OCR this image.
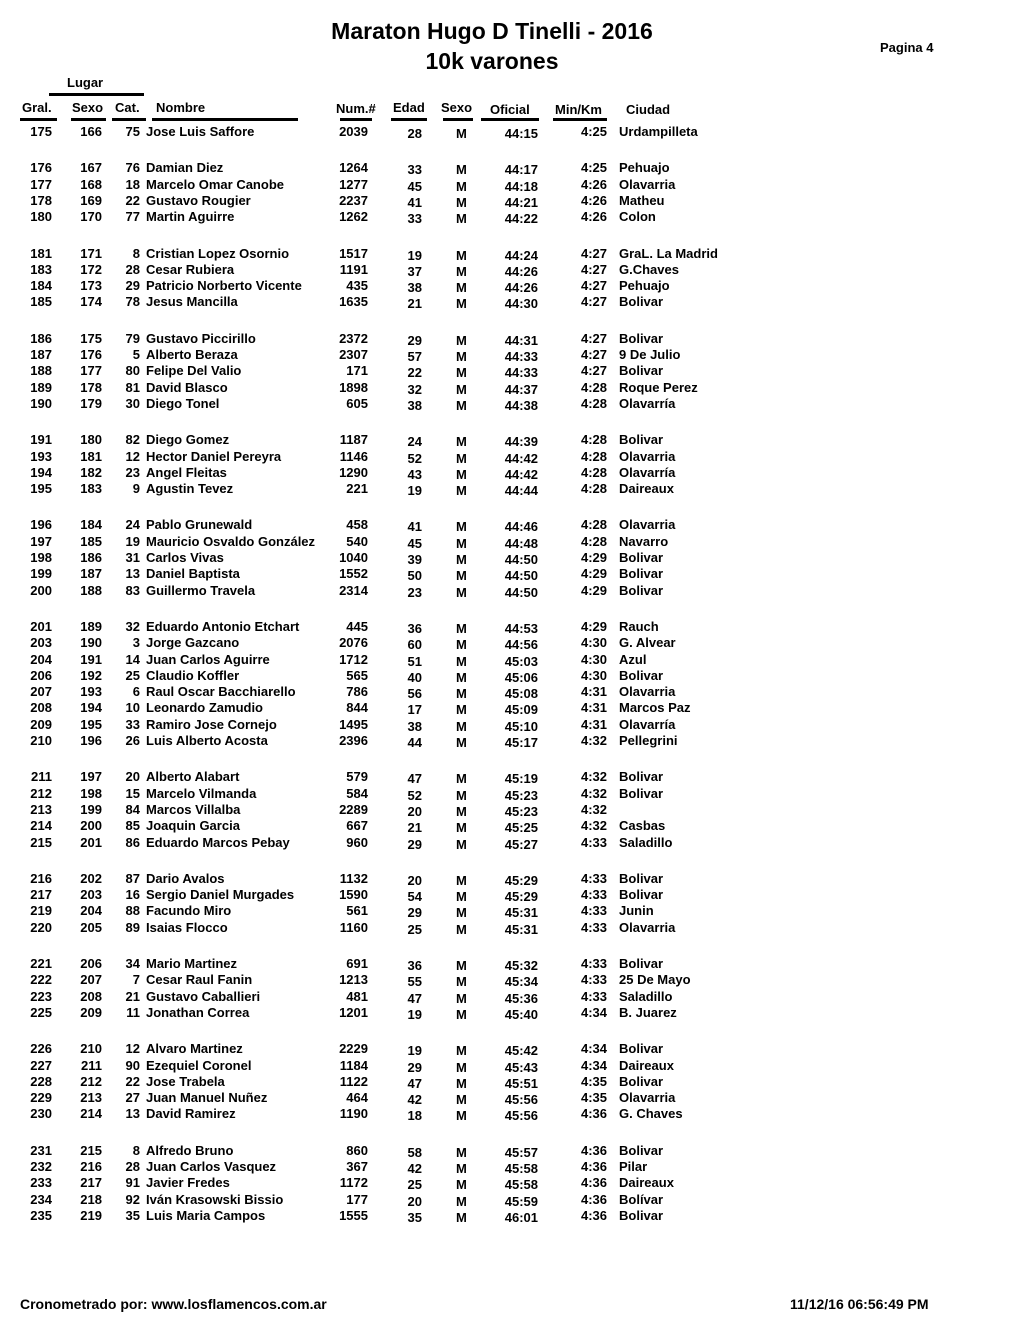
Maraton Hugo D Tinelli - 2016
10k varones
Pagina 4
Lugar
Gral. Sexo Cat. Nombre	Num.# Edad Sexo Oficial Min/Km Ciudad
175	166	75 Jose Luis Saffore	2039	28	M	44:15	4:25 Urdampilleta
176	167	76 Damian Diez	1264	33	M	44:17	4:25 Pehuajo
177	168	18 Marcelo Omar Canobe	1277	45	M	44:18	4:26 Olavarria
178	169	22 Gustavo Rougier	2237	41	M	44:21	4:26 Matheu
180	170	77 Martin Aguirre	1262	33	M	44:22	4:26 Colon
181	171	8 Cristian Lopez Osornio	1517	19	M	44:24	4:27 GraL. La Madrid
183	172	28 Cesar Rubiera	1191	37	M	44:26	4:27 G.Chaves
184	173	29 Patricio Norberto Vicente	435	38	M	44:26	4:27 Pehuajo
185	174	78 Jesus Mancilla	1635	21	M	44:30	4:27 Bolivar
186	175	79 Gustavo Piccirillo	2372	29	M	44:31	4:27 Bolivar
187	176	5 Alberto Beraza	2307	57	M	44:33	4:27 9 De Julio
188	177	80 Felipe Del Valio	171	22	M	44:33	4:27 Bolivar
189	178	81 David Blasco	1898	32	M	44:37	4:28 Roque Perez
190	179	30 Diego Tonel	605	38	M	44:38	4:28 Olavarría
191	180	82 Diego Gomez	1187	24	M	44:39	4:28 Bolivar
193	181	12 Hector Daniel Pereyra	1146	52	M	44:42	4:28 Olavarria
194	182	23 Angel Fleitas	1290	43	M	44:42	4:28 Olavarría
195	183	9 Agustin Tevez	221	19	M	44:44	4:28 Daireaux
196	184	24 Pablo Grunewald	458	41	M	44:46	4:28 Olavarria
197	185	19 Mauricio Osvaldo González	540	45	M	44:48	4:28 Navarro
198	186	31 Carlos Vivas	1040	39	M	44:50	4:29 Bolivar
199	187	13 Daniel Baptista	1552	50	M	44:50	4:29 Bolivar
200	188	83 Guillermo Travela	2314	23	M	44:50	4:29 Bolivar
201	189	32 Eduardo Antonio Etchart	445	36	M	44:53	4:29 Rauch
203	190	3 Jorge Gazcano	2076	60	M	44:56	4:30 G. Alvear
204	191	14 Juan Carlos Aguirre	1712	51	M	45:03	4:30 Azul
206	192	25 Claudio Koffler	565	40	M	45:06	4:30 Bolivar
207	193	6 Raul Oscar Bacchiarello	786	56	M	45:08	4:31 Olavarria
208	194	10 Leonardo Zamudio	844	17	M	45:09	4:31 Marcos Paz
209	195	33 Ramiro Jose Cornejo	1495	38	M	45:10	4:31 Olavarría
210	196	26 Luis Alberto Acosta	2396	44	M	45:17	4:32 Pellegrini
211	197	20 Alberto Alabart	579	47	M	45:19	4:32 Bolivar
212	198	15 Marcelo Vilmanda	584	52	M	45:23	4:32 Bolivar
213	199	84 Marcos Villalba	2289	20	M	45:23	4:32
214	200	85 Joaquin Garcia	667	21	M	45:25	4:32 Casbas
215	201	86 Eduardo Marcos Pebay	960	29	M	45:27	4:33 Saladillo
216	202	87 Dario Avalos	1132	20	M	45:29	4:33 Bolivar
217	203	16 Sergio Daniel Murgades	1590	54	M	45:29	4:33 Bolivar
219	204	88 Facundo Miro	561	29	M	45:31	4:33 Junin
220	205	89 Isaias Flocco	1160	25	M	45:31	4:33 Olavarria
221	206	34 Mario Martinez	691	36	M	45:32	4:33 Bolivar
222	207	7 Cesar Raul Fanin	1213	55	M	45:34	4:33 25 De Mayo
223	208	21 Gustavo Caballieri	481	47	M	45:36	4:33 Saladillo
225	209	11 Jonathan Correa	1201	19	M	45:40	4:34 B. Juarez
226	210	12 Alvaro Martinez	2229	19	M	45:42	4:34 Bolivar
227	211	90 Ezequiel Coronel	1184	29	M	45:43	4:34 Daireaux
228	212	22 Jose Trabela	1122	47	M	45:51	4:35 Bolivar
229	213	27 Juan Manuel Nuñez	464	42	M	45:56	4:35 Olavarria
230	214	13 David Ramirez	1190	18	M	45:56	4:36 G. Chaves
231	215	8 Alfredo Bruno	860	58	M	45:57	4:36 Bolivar
232	216	28 Juan Carlos Vasquez	367	42	M	45:58	4:36 Pilar
233	217	91 Javier Fredes	1172	25	M	45:58	4:36 Daireaux
234	218	92 Iván Krasowski Bissio	177	20	M	45:59	4:36 Bolívar
235	219	35 Luis Maria Campos	1555	35	M	46:01	4:36 Bolivar
Cronometrado por: www.losflamencos.com.ar	11/12/16 06:56:49 PM
